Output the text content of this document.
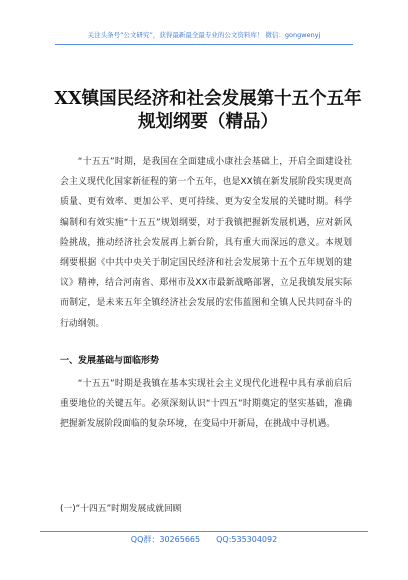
关注头条号“公文研究”，获得最新最全最专业的公文资料库！ 微信：gongwenyj
XX镇国民经济和社会发展第十五个五年规划纲要（精品）
“十五五”时期，是我国在全面建成小康社会基础上，开启全面建设社会主义现代化国家新征程的第一个五年，也是XX镇在新发展阶段实现更高质量、更有效率、更加公平、更可持续、更为安全发展的关键时期。科学编制和有效实施“十五五”规划纲要，对于我镇把握新发展机遇，应对新风险挑战，推动经济社会发展再上新台阶，具有重大而深远的意义。本规划纲要根据《中共中央关于制定国民经济和社会发展第十五个五年规划的建议》精神，结合河南省、郑州市及XX市最新战略部署，立足我镇发展实际而制定，是未来五年全镇经济社会发展的宏伟蓝图和全镇人民共同奋斗的行动纲领。
一、发展基础与面临形势
“十五五”时期是我镇在基本实现社会主义现代化进程中具有承前启后重要地位的关键五年。必须深刻认识“十四五”时期奠定的坚实基础，准确把握新发展阶段面临的复杂环境，在变局中开新局，在挑战中寻机遇。
(一)“十四五”时期发展成就回顾
QQ群：30265665 QQ:535304092
